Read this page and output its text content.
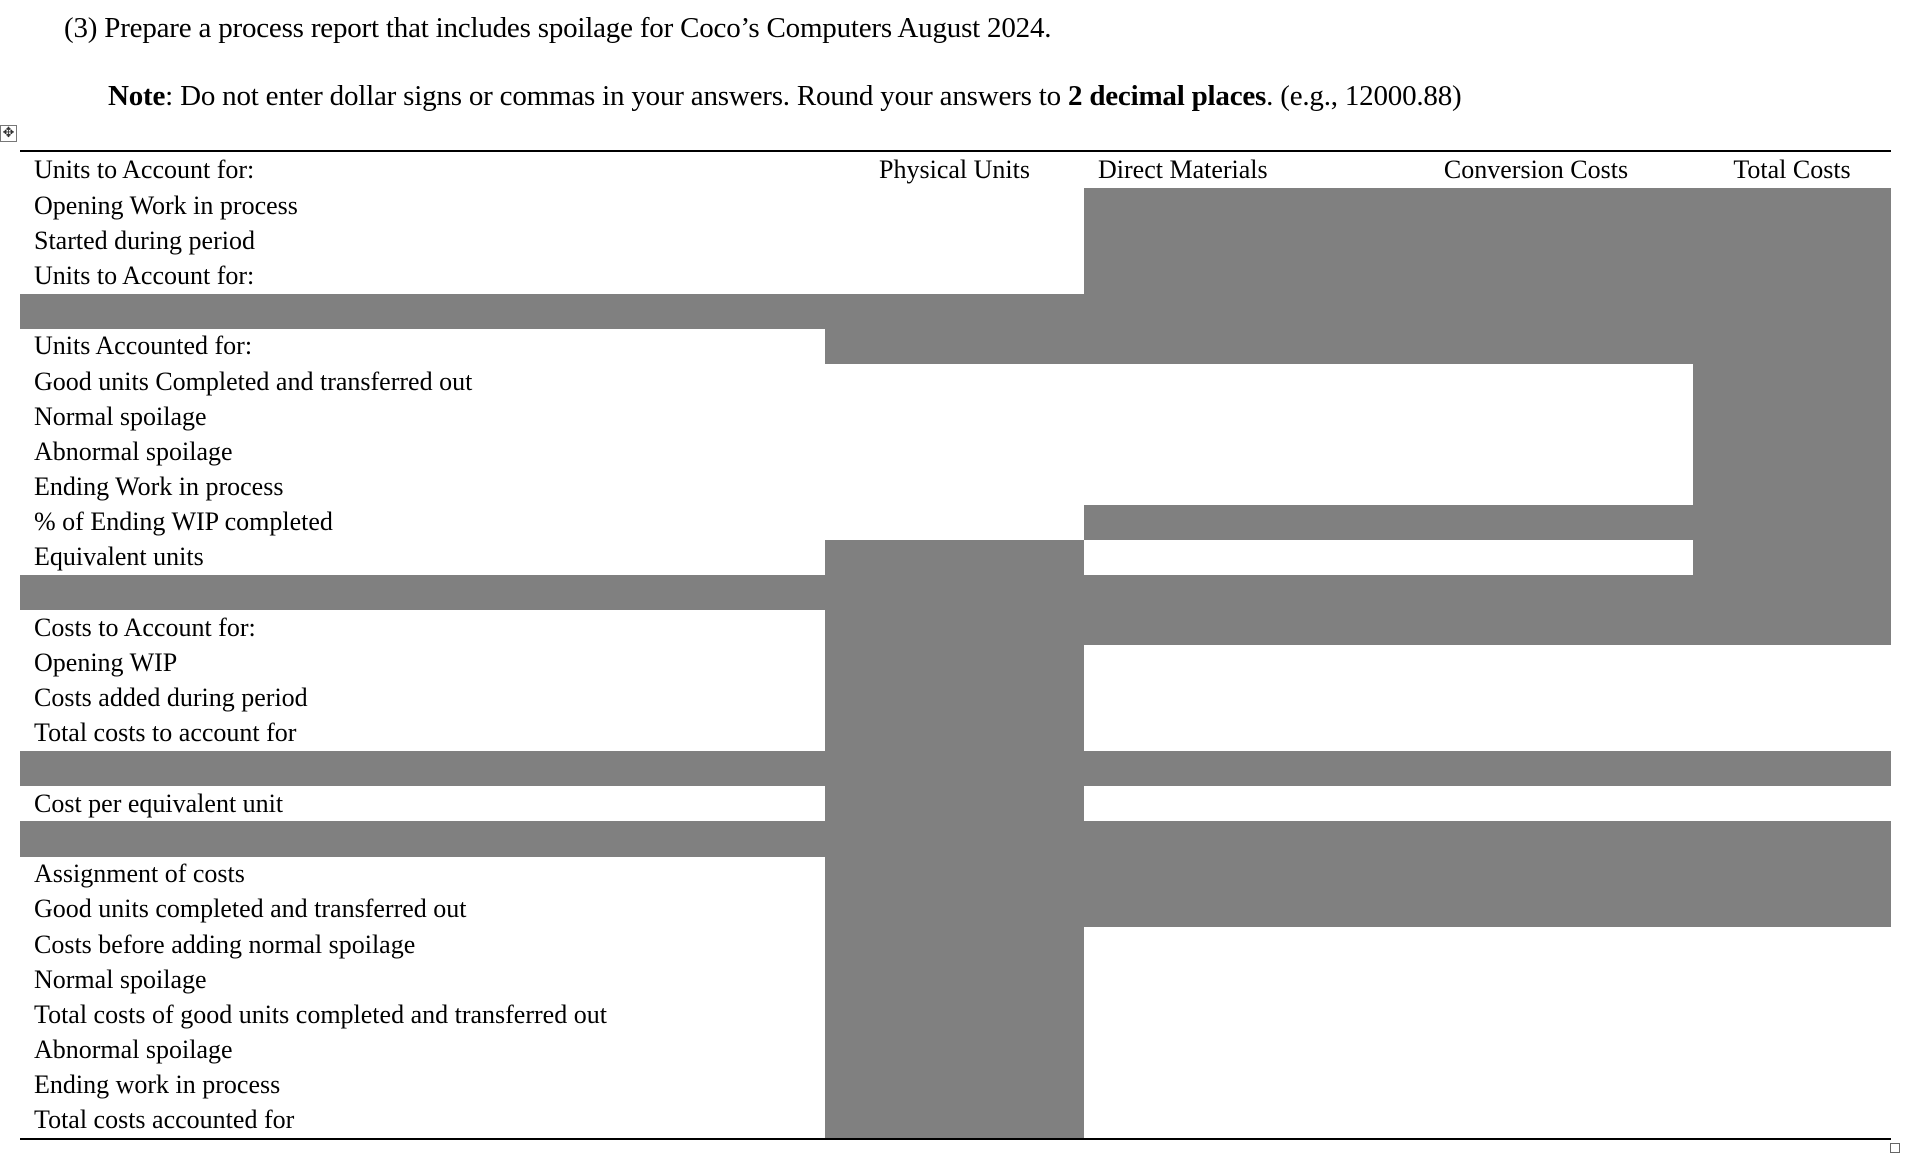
(3) Prepare a process report that includes spoilage for Coco’s Computers August 2024.
Note: Do not enter dollar signs or commas in your answers. Round your answers to 2 decimal places. (e.g., 12000.88)
✥
Units to Account for:	Physical Units	Direct Materials	Conversion Costs	Total Costs
Opening Work in process				
Started during period				
Units to Account for:				

Units Accounted for:				
Good units Completed and transferred out				
Normal spoilage				
Abnormal spoilage				
Ending Work in process				
% of Ending WIP completed				
Equivalent units				

Costs to Account for:				
Opening WIP				
Costs added during period				
Total costs to account for				

Cost per equivalent unit				

Assignment of costs				
Good units completed and transferred out				
Costs before adding normal spoilage				
Normal spoilage				
Total costs of good units completed and transferred out				
Abnormal spoilage				
Ending work in process				
Total costs accounted for				
